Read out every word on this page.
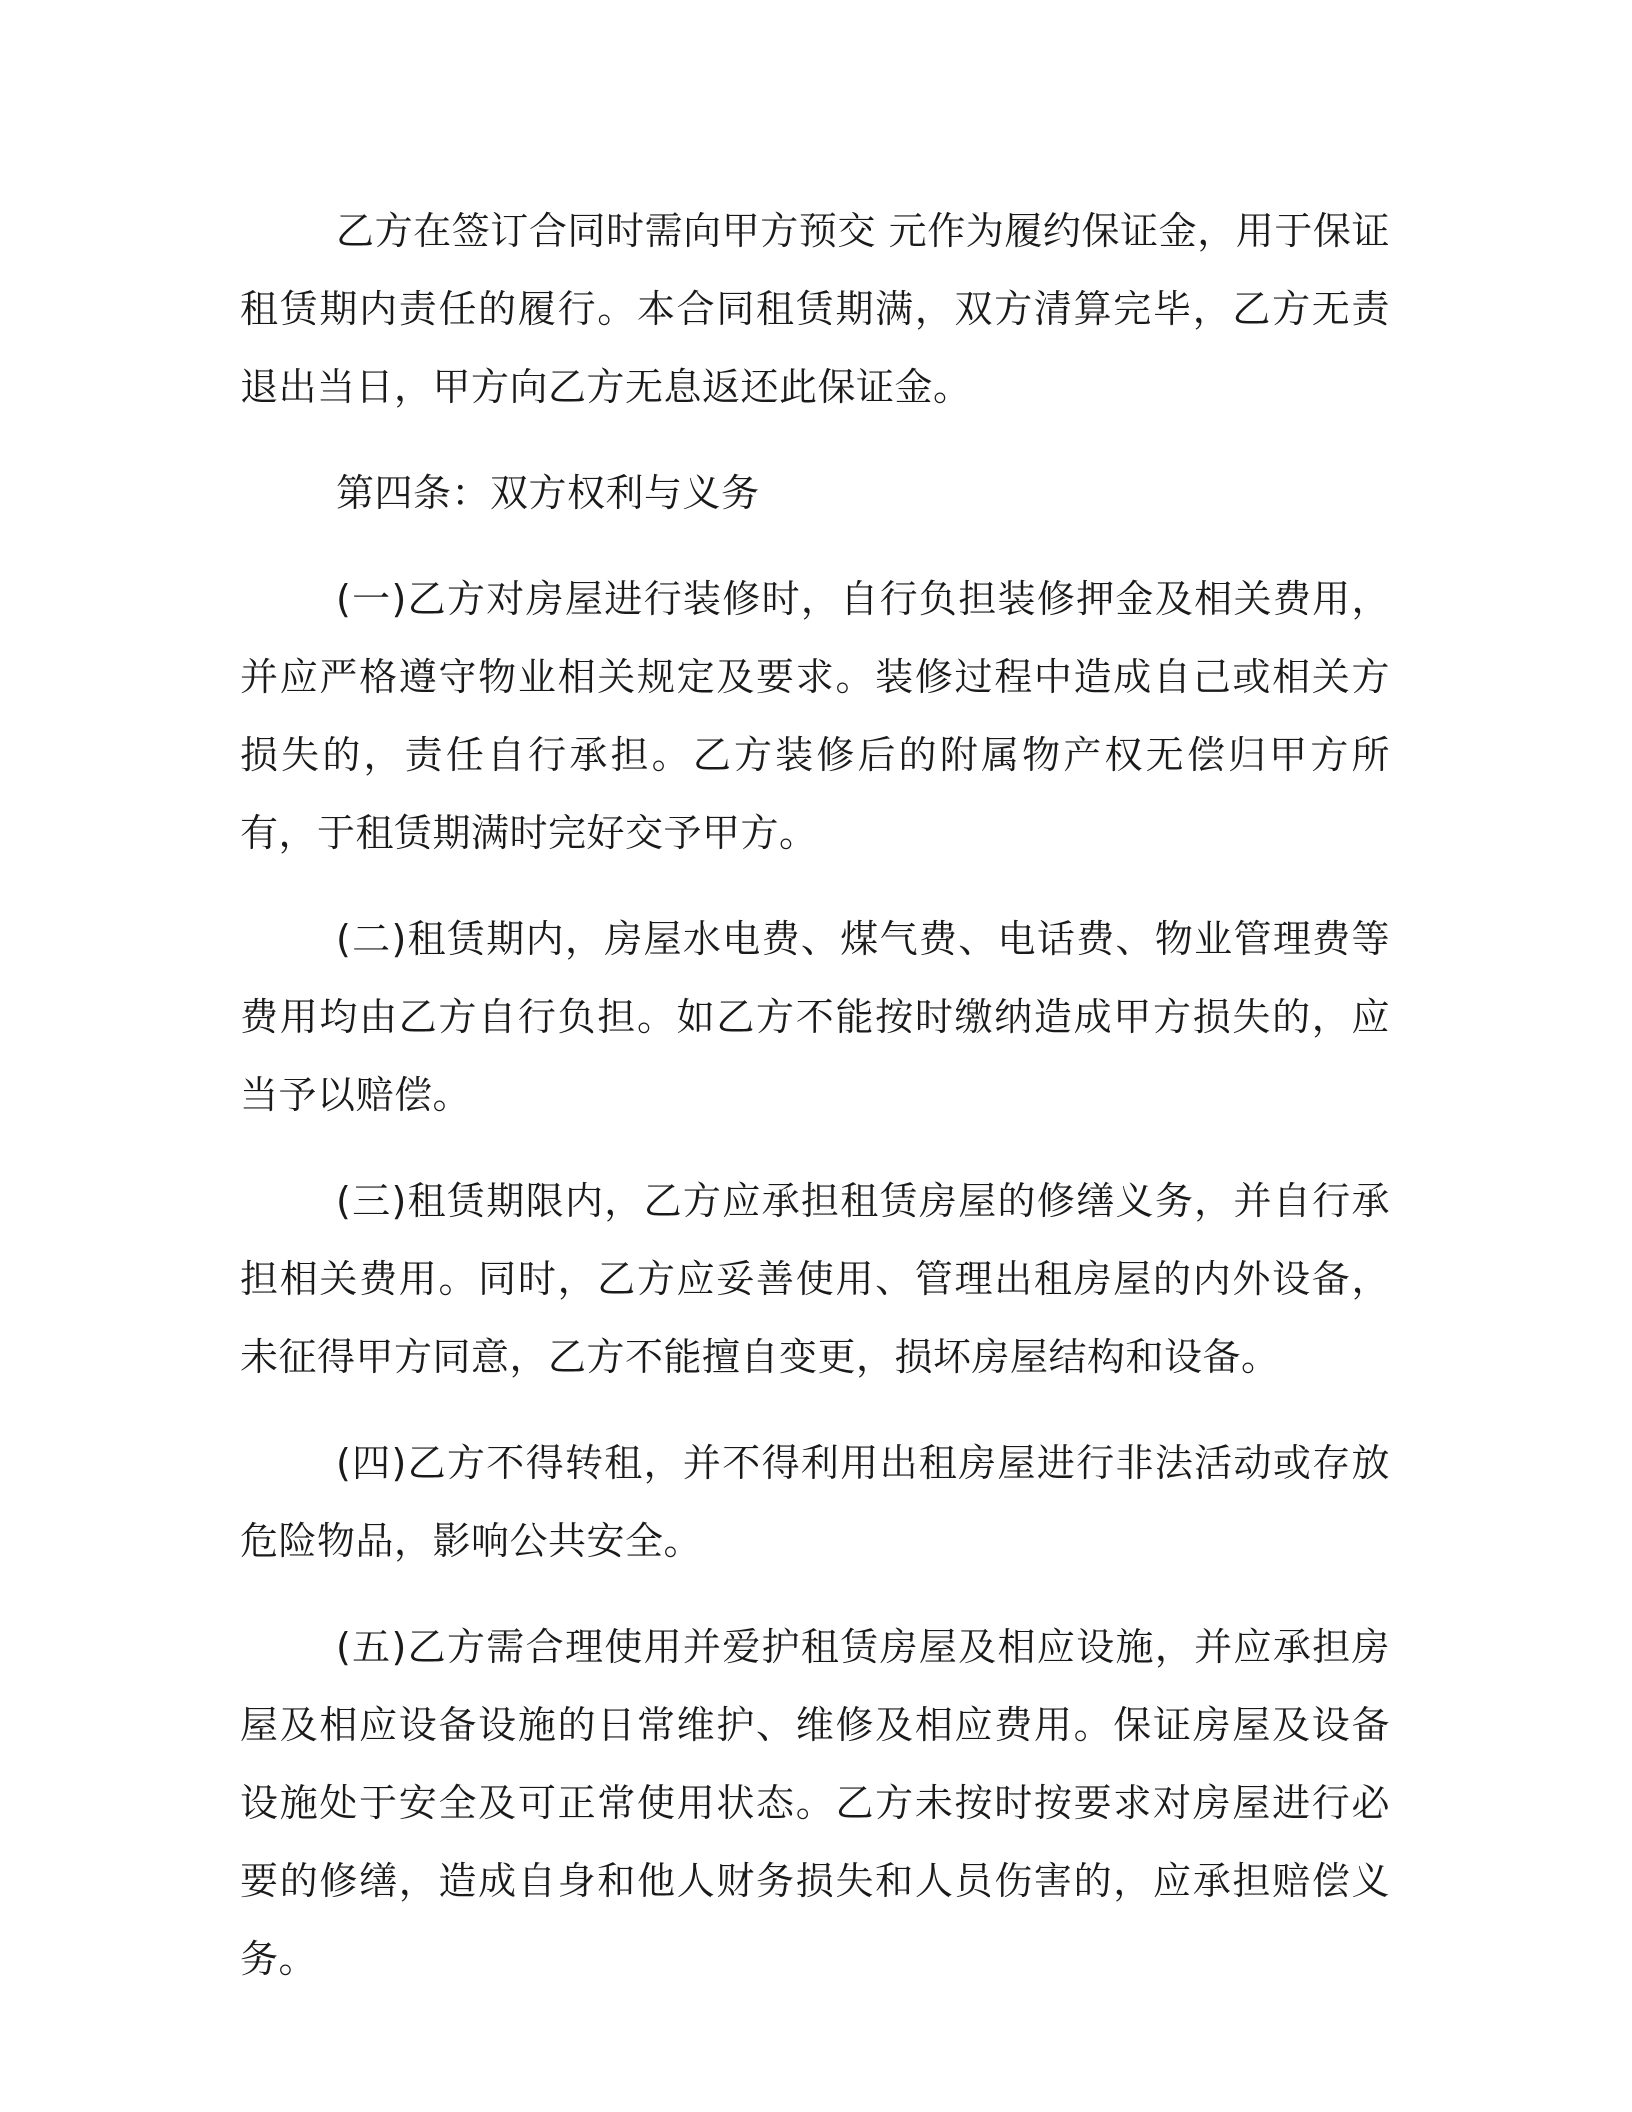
乙方在签订合同时需向甲方预交 元作为履约保证金，用于保证租赁期内责任的履行。本合同租赁期满，双方清算完毕，乙方无责退出当日，甲方向乙方无息返还此保证金。

第四条：双方权利与义务

(一)乙方对房屋进行装修时，自行负担装修押金及相关费用，并应严格遵守物业相关规定及要求。装修过程中造成自己或相关方损失的，责任自行承担。乙方装修后的附属物产权无偿归甲方所有，于租赁期满时完好交予甲方。

(二)租赁期内，房屋水电费、煤气费、电话费、物业管理费等费用均由乙方自行负担。如乙方不能按时缴纳造成甲方损失的，应当予以赔偿。

(三)租赁期限内，乙方应承担租赁房屋的修缮义务，并自行承担相关费用。同时，乙方应妥善使用、管理出租房屋的内外设备，未征得甲方同意，乙方不能擅自变更，损坏房屋结构和设备。

(四)乙方不得转租，并不得利用出租房屋进行非法活动或存放危险物品，影响公共安全。

(五)乙方需合理使用并爱护租赁房屋及相应设施，并应承担房屋及相应设备设施的日常维护、维修及相应费用。保证房屋及设备设施处于安全及可正常使用状态。乙方未按时按要求对房屋进行必要的修缮，造成自身和他人财务损失和人员伤害的，应承担赔偿义务。
